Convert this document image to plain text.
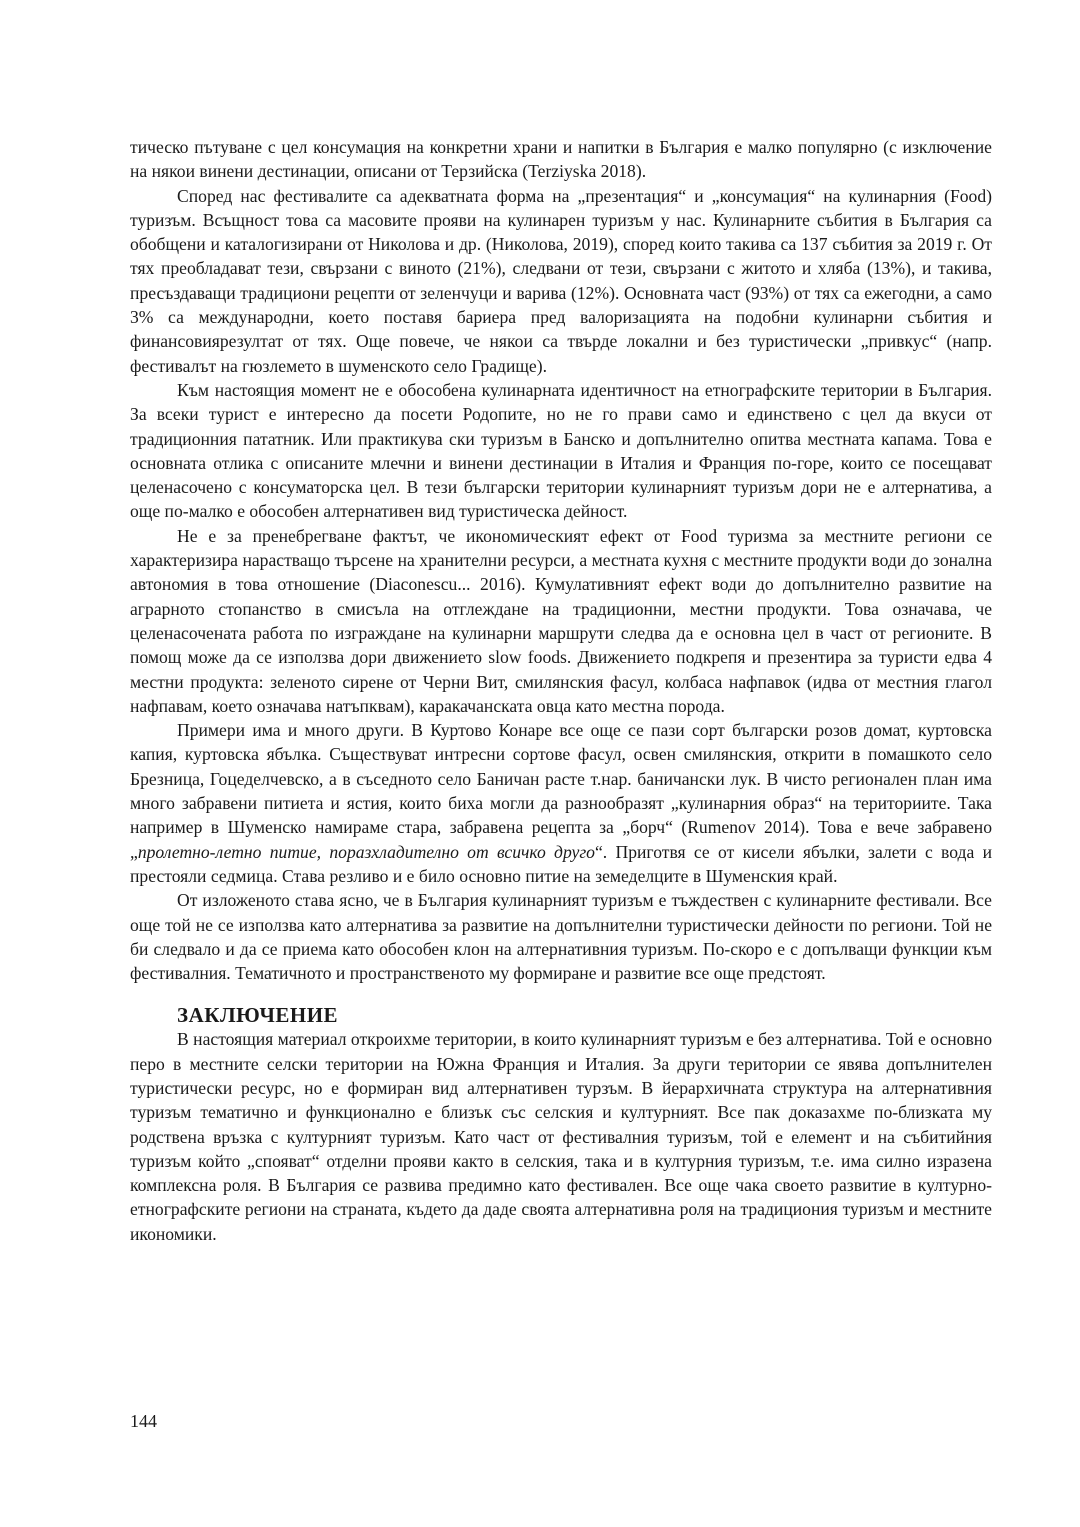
тическо пътуване с цел консумация на конкретни храни и напитки в България е малко популярно (с изключение на някои винени дестинации, описани от Терзийска (Terziyska 2018).

Според нас фестивалите са адекватната форма на „презентация“ и „консумация“ на кулинарния (Food) туризъм. Всъщност това са масовите прояви на кулинарен туризъм у нас. Кулинарните събития в България са обобщени и каталогизирани от Николова и др. (Николова, 2019), според които такива са 137 събития за 2019 г. От тях преобладават тези, свързани с виното (21%), следвани от тези, свързани с житото и хляба (13%), и такива, пресъздаващи традициони рецепти от зеленчуци и варива (12%). Основната част (93%) от тях са ежегодни, а само 3% са международни, което поставя бариера пред валоризацията на подобни кулинарни събития и финансовиярезултат от тях. Още повече, че някои са твърде локални и без туристически „привкус“ (напр. фестивалът на гюзлемето в шуменското село Градище).

Към настоящия момент не е обособена кулинарната идентичност на етнографските територии в България. За всеки турист е интересно да посети Родопите, но не го прави само и единствено с цел да вкуси от традиционния пататник. Или практикува ски туризъм в Банско и допълнително опитва местната капама. Това е основната отлика с описаните млечни и винени дестинации в Италия и Франция по-горе, които се посещават целенасочено с консуматорска цел. В тези български територии кулинарният туризъм дори не е алтернатива, а още по-малко е обособен алтернативен вид туристическа дейност.

Не е за пренебрегване фактът, че икономическият ефект от Food туризма за местните региони се характеризира нарастващо търсене на хранителни ресурси, а местната кухня с местните продукти води до зонална автономия в това отношение (Diaconescu... 2016). Кумулативният ефект води до допълнително развитие на аграрното стопанство в смисъла на отглеждане на традиционни, местни продукти. Това означава, че целенасочената работа по изграждане на кулинарни маршрути следва да е основна цел в част от регионите. В помощ може да се използва дори движението slow foods. Движението подкрепя и презентира за туристи едва 4 местни продукта: зеленото сирене от Черни Вит, смилянския фасул, колбаса нафпавок (идва от местния глагол нафпавам, което означава натъпквам), каракачанската овца като местна порода.

Примери има и много други. В Куртово Конаре все още се пази сорт български розов домат, куртовска капия, куртовска ябълка. Съществуват интресни сортове фасул, освен смилянския, открити в помашкото село Брезница, Гоцеделчевско, а в съседното село Баничан расте т.нар. баничански лук. В чисто регионален план има много забравени питиета и ястия, които биха могли да разнообразят „кулинарния образ“ на териториите. Така например в Шуменско намираме стара, забравена рецепта за „борч“ (Rumenov 2014). Това е вече забравено „пролетно-летно питие, поразхладително от всичко друго“. Приготвя се от кисели ябълки, залети с вода и престояли седмица. Става резливо и е било основно питие на земеделците в Шуменския край.

От изложеното става ясно, че в България кулинарният туризъм е тъждествен с кулинарните фестивали. Все още той не се използва като алтернатива за развитие на допълнителни туристически дейности по региони. Той не би следвало и да се приема като обособен клон на алтернативния туризъм. По-скоро е с допълващи функции към фестивалния. Тематичното и пространственото му формиране и развитие все още предстоят.

ЗАКЛЮЧЕНИЕ

В настоящия материал откроихме територии, в които кулинарният туризъм е без алтернатива. Той е основно перо в местните селски територии на Южна Франция и Италия. За други територии се явява допълнителен туристически ресурс, но е формиран вид алтернативен турзъм. В йерархичната структура на алтернативния туризъм тематично и функционално е близък със селския и културният. Все пак доказахме по-близката му родствена връзка с културният туризъм. Като част от фестивалния туризъм, той е елемент и на събитийния туризъм който „спояват“ отделни прояви както в селския, така и в културния туризъм, т.е. има силно изразена комплексна роля. В България се развива предимно като фестивален. Все още чака своето развитие в културно-етнографските региони на страната, където да даде своята алтернативна роля на традициония туризъм и местните икономики.

144
